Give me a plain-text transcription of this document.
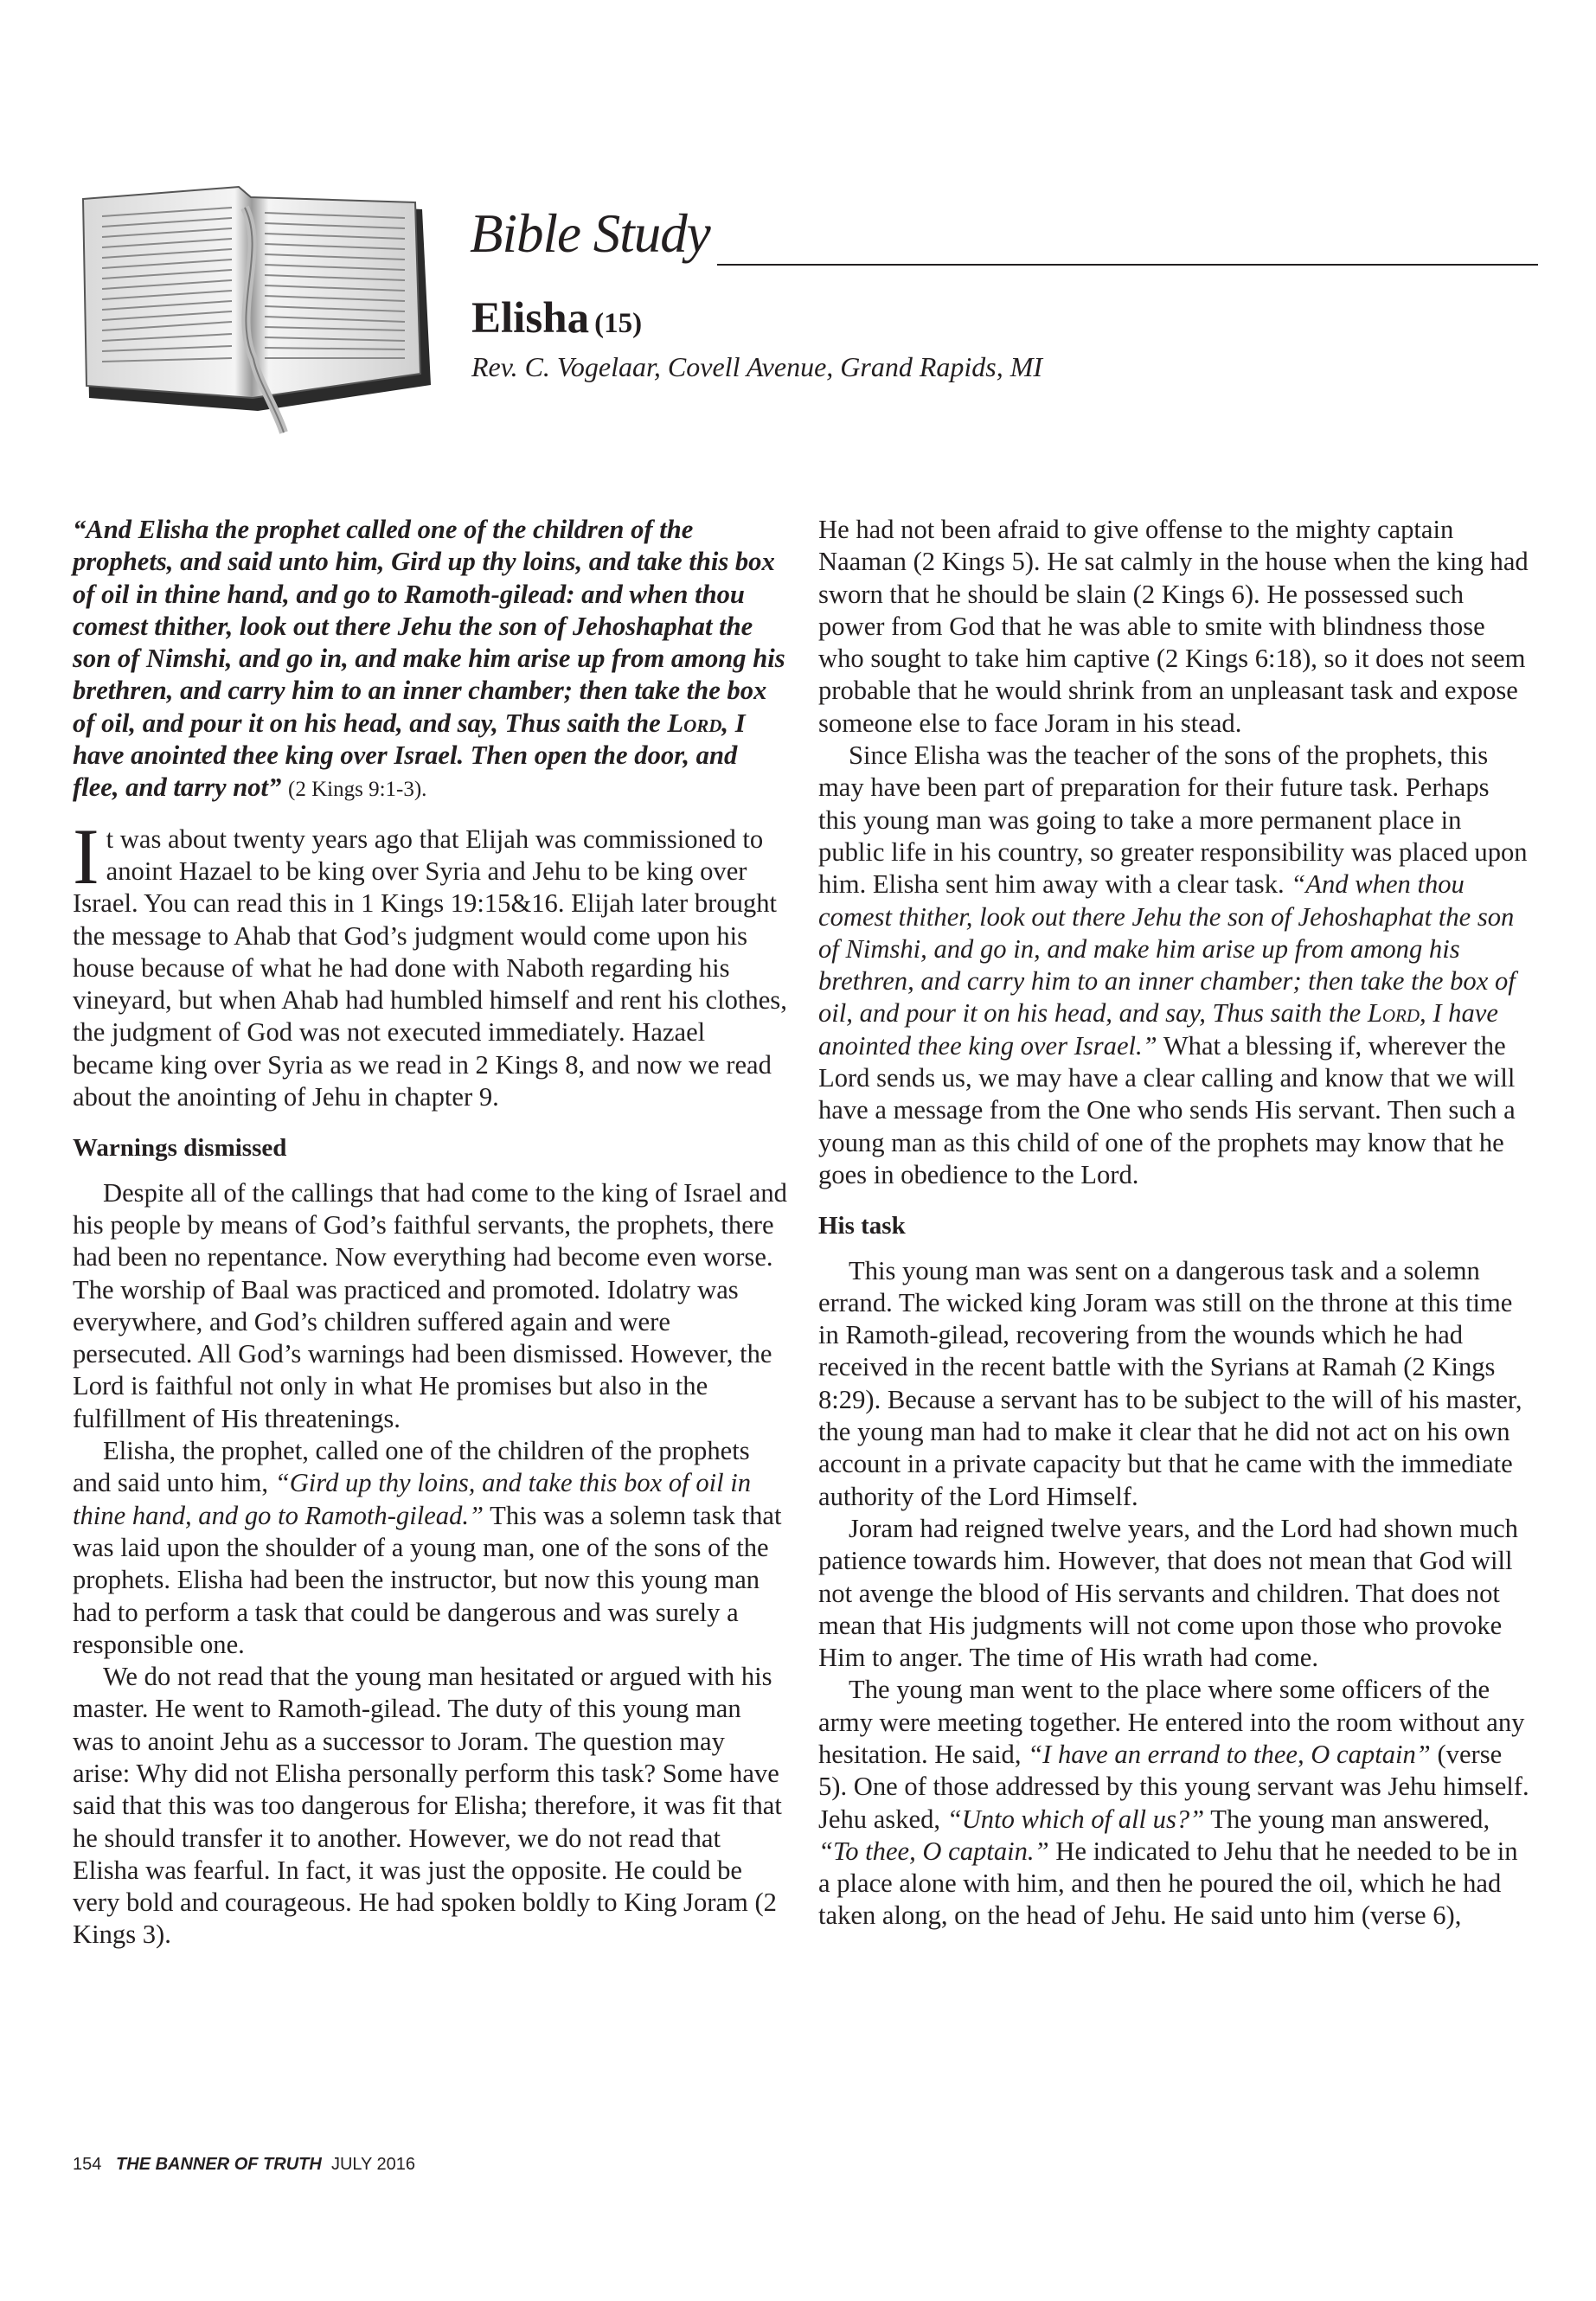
Bible Study
Elisha (15)
Rev. C. Vogelaar, Covell Avenue, Grand Rapids, MI

“And Elisha the prophet called one of the children of the prophets, and said unto him, Gird up thy loins, and take this box of oil in thine hand, and go to Ramoth-gilead: and when thou comest thither, look out there Jehu the son of Jehoshaphat the son of Nimshi, and go in, and make him arise up from among his brethren, and carry him to an inner chamber; then take the box of oil, and pour it on his head, and say, Thus saith the Lord, I have anointed thee king over Israel. Then open the door, and flee, and tarry not” (2 Kings 9:1-3).

It was about twenty years ago that Elijah was commissioned to anoint Hazael to be king over Syria and Jehu to be king over Israel. You can read this in 1 Kings 19:15&16. Elijah later brought the message to Ahab that God’s judgment would come upon his house because of what he had done with Naboth regarding his vineyard, but when Ahab had humbled himself and rent his clothes, the judgment of God was not executed immediately. Hazael became king over Syria as we read in 2 Kings 8, and now we read about the anointing of Jehu in chapter 9.

Warnings dismissed

Despite all of the callings that had come to the king of Israel and his people by means of God’s faithful servants, the prophets, there had been no repentance. Now everything had become even worse. The worship of Baal was practiced and promoted. Idolatry was everywhere, and God’s children suffered again and were persecuted. All God’s warnings had been dismissed. However, the Lord is faithful not only in what He promises but also in the fulfillment of His threatenings.

Elisha, the prophet, called one of the children of the prophets and said unto him, “Gird up thy loins, and take this box of oil in thine hand, and go to Ramoth-gilead.” This was a solemn task that was laid upon the shoulder of a young man, one of the sons of the prophets. Elisha had been the instructor, but now this young man had to perform a task that could be dangerous and was surely a responsible one.

We do not read that the young man hesitated or argued with his master. He went to Ramoth-gilead. The duty of this young man was to anoint Jehu as a successor to Joram. The question may arise: Why did not Elisha personally perform this task? Some have said that this was too dangerous for Elisha; therefore, it was fit that he should transfer it to another. However, we do not read that Elisha was fearful. In fact, it was just the opposite. He could be very bold and courageous. He had spoken boldly to King Joram (2 Kings 3).

He had not been afraid to give offense to the mighty captain Naaman (2 Kings 5). He sat calmly in the house when the king had sworn that he should be slain (2 Kings 6). He possessed such power from God that he was able to smite with blindness those who sought to take him captive (2 Kings 6:18), so it does not seem probable that he would shrink from an unpleasant task and expose someone else to face Joram in his stead.

Since Elisha was the teacher of the sons of the prophets, this may have been part of preparation for their future task. Perhaps this young man was going to take a more permanent place in public life in his country, so greater responsibility was placed upon him. Elisha sent him away with a clear task. “And when thou comest thither, look out there Jehu the son of Jehoshaphat the son of Nimshi, and go in, and make him arise up from among his brethren, and carry him to an inner chamber; then take the box of oil, and pour it on his head, and say, Thus saith the Lord, I have anointed thee king over Israel.” What a blessing if, wherever the Lord sends us, we may have a clear calling and know that we will have a message from the One who sends His servant. Then such a young man as this child of one of the prophets may know that he goes in obedience to the Lord.

His task

This young man was sent on a dangerous task and a solemn errand. The wicked king Joram was still on the throne at this time in Ramoth-gilead, recovering from the wounds which he had received in the recent battle with the Syrians at Ramah (2 Kings 8:29). Because a servant has to be subject to the will of his master, the young man had to make it clear that he did not act on his own account in a private capacity but that he came with the immediate authority of the Lord Himself.

Joram had reigned twelve years, and the Lord had shown much patience towards him. However, that does not mean that God will not avenge the blood of His servants and children. That does not mean that His judgments will not come upon those who provoke Him to anger. The time of His wrath had come.

The young man went to the place where some officers of the army were meeting together. He entered into the room without any hesitation. He said, “I have an errand to thee, O captain” (verse 5). One of those addressed by this young servant was Jehu himself. Jehu asked, “Unto which of all us?” The young man answered, “To thee, O captain.” He indicated to Jehu that he needed to be in a place alone with him, and then he poured the oil, which he had taken along, on the head of Jehu. He said unto him (verse 6),

154 THE BANNER OF TRUTH JULY 2016
